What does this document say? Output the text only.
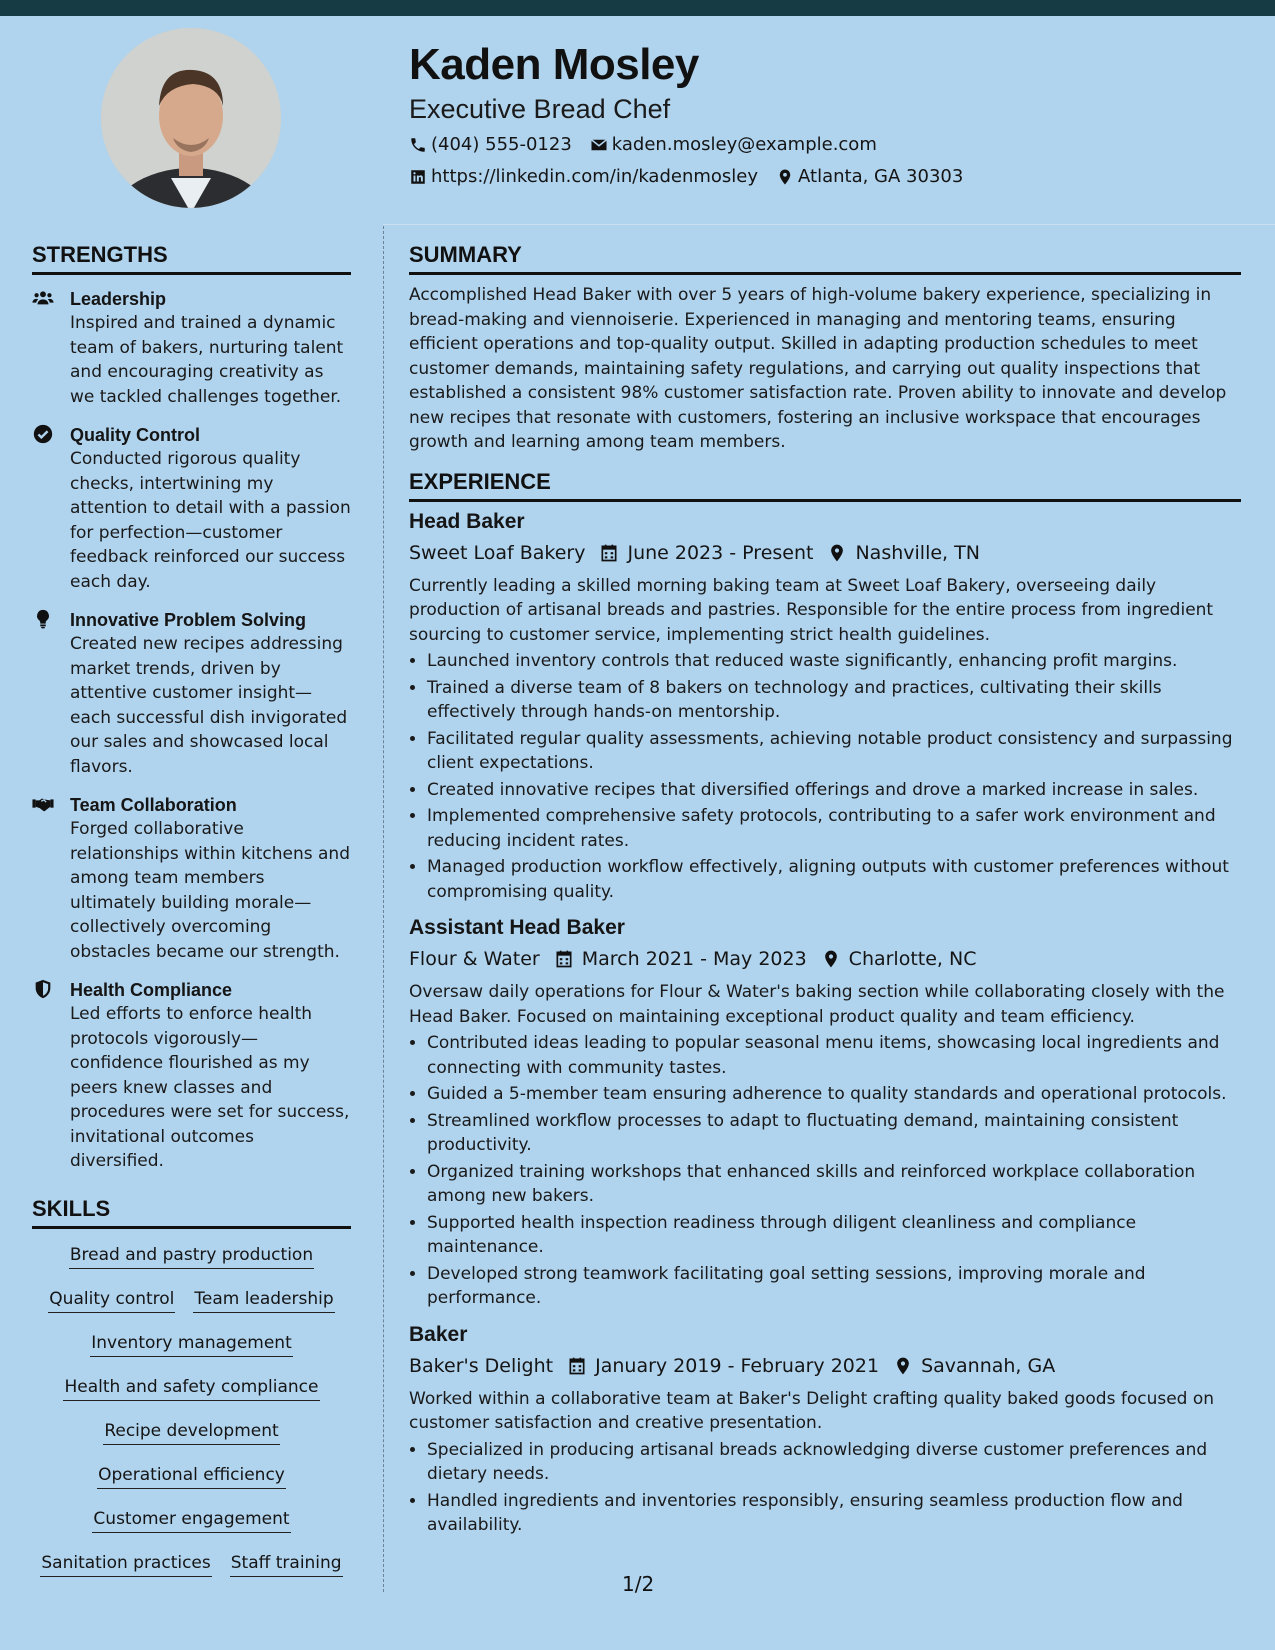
Kaden Mosley
Executive Bread Chef
(404) 555-0123 kaden.mosley@example.com
https://linkedin.com/in/kadenmosley Atlanta, GA 30303
STRENGTHS
Leadership
Inspired and trained a dynamic team of bakers, nurturing talent and encouraging creativity as we tackled challenges together.
Quality Control
Conducted rigorous quality checks, intertwining my attention to detail with a passion for perfection—customer feedback reinforced our success each day.
Innovative Problem Solving
Created new recipes addressing market trends, driven by attentive customer insight—each successful dish invigorated our sales and showcased local flavors.
Team Collaboration
Forged collaborative relationships within kitchens and among team members ultimately building morale—collectively overcoming obstacles became our strength.
Health Compliance
Led efforts to enforce health protocols vigorously—confidence flourished as my peers knew classes and procedures were set for success, invitational outcomes diversified.
SKILLS
Bread and pastry production
Quality control Team leadership
Inventory management
Health and safety compliance
Recipe development
Operational efficiency
Customer engagement
Sanitation practices Staff training
SUMMARY

Accomplished Head Baker with over 5 years of high-volume bakery experience, specializing in bread-making and viennoiserie. Experienced in managing and mentoring teams, ensuring efficient operations and top-quality output. Skilled in adapting production schedules to meet customer demands, maintaining safety regulations, and carrying out quality inspections that established a consistent 98% customer satisfaction rate. Proven ability to innovate and develop new recipes that resonate with customers, fostering an inclusive workspace that encourages growth and learning among team members.

EXPERIENCE
Head Baker
Sweet Loaf Bakery June 2023 - Present Nashville, TN

Currently leading a skilled morning baking team at Sweet Loaf Bakery, overseeing daily production of artisanal breads and pastries. Responsible for the entire process from ingredient sourcing to customer service, implementing strict health guidelines.

• Launched inventory controls that reduced waste significantly, enhancing profit margins.
• Trained a diverse team of 8 bakers on technology and practices, cultivating their skills effectively through hands-on mentorship.
• Facilitated regular quality assessments, achieving notable product consistency and surpassing client expectations.
• Created innovative recipes that diversified offerings and drove a marked increase in sales.
• Implemented comprehensive safety protocols, contributing to a safer work environment and reducing incident rates.
• Managed production workflow effectively, aligning outputs with customer preferences without compromising quality.
Assistant Head Baker
Flour & Water March 2021 - May 2023 Charlotte, NC

Oversaw daily operations for Flour & Water's baking section while collaborating closely with the Head Baker. Focused on maintaining exceptional product quality and team efficiency.

• Contributed ideas leading to popular seasonal menu items, showcasing local ingredients and connecting with community tastes.
• Guided a 5-member team ensuring adherence to quality standards and operational protocols.
• Streamlined workflow processes to adapt to fluctuating demand, maintaining consistent productivity.
• Organized training workshops that enhanced skills and reinforced workplace collaboration among new bakers.
• Supported health inspection readiness through diligent cleanliness and compliance maintenance.
• Developed strong teamwork facilitating goal setting sessions, improving morale and performance.
Baker
Baker's Delight January 2019 - February 2021 Savannah, GA

Worked within a collaborative team at Baker's Delight crafting quality baked goods focused on customer satisfaction and creative presentation.

• Specialized in producing artisanal breads acknowledging diverse customer preferences and dietary needs.
• Handled ingredients and inventories responsibly, ensuring seamless production flow and availability.
1/2
